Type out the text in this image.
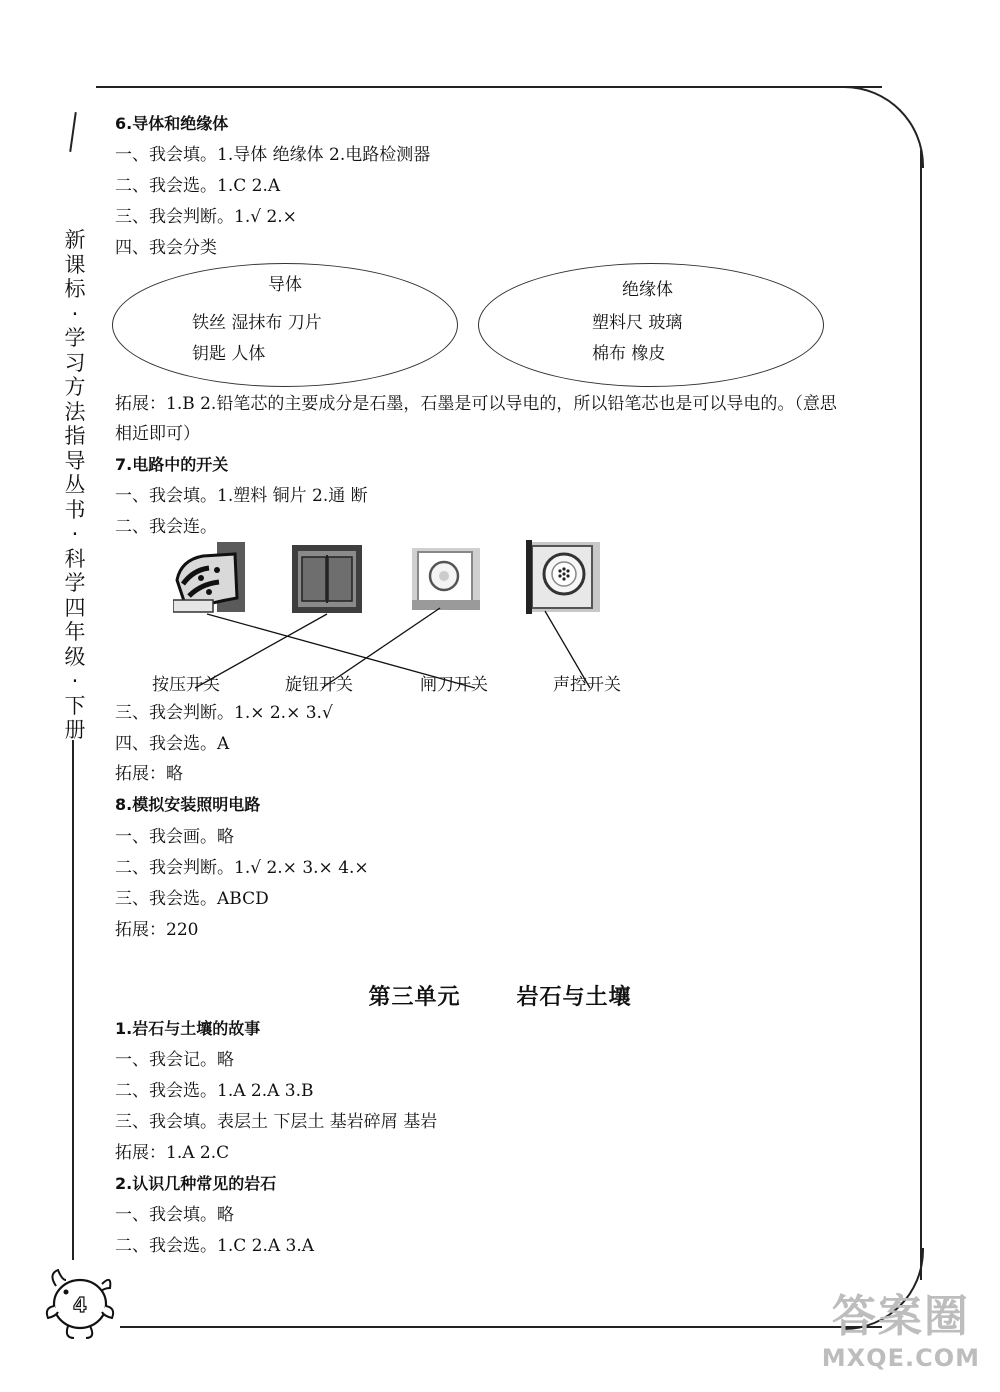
新
课
标
·
学
习
方
法
指
导
丛
书
·
科
学
四
年
级
·
下
册
6.导体和绝缘体
一、我会填。1.导体 绝缘体 2.电路检测器
二、我会选。1.C 2.A
三、我会判断。1.√ 2.×
四、我会分类
导体
铁丝 湿抹布 刀片
钥匙 人体
绝缘体
塑料尺 玻璃
棉布 橡皮
拓展：1.B 2.铅笔芯的主要成分是石墨，石墨是可以导电的，所以铅笔芯也是可以导电的。（意思
相近即可）
7.电路中的开关
一、我会填。1.塑料 铜片 2.通 断
二、我会连。
按压开关	旋钮开关	闸刀开关	声控开关
三、我会判断。1.× 2.× 3.√
四、我会选。A
拓展：略
8.模拟安装照明电路
一、我会画。略
二、我会判断。1.√ 2.× 3.× 4.×
三、我会选。ABCD
拓展：220
第三单元	岩石与土壤
1.岩石与土壤的故事
一、我会记。略
二、我会选。1.A 2.A 3.B
三、我会填。表层土 下层土 基岩碎屑 基岩
拓展：1.A 2.C
2.认识几种常见的岩石
一、我会填。略
二、我会选。1.C 2.A 3.A
4	答案圈
MXQE.COM
